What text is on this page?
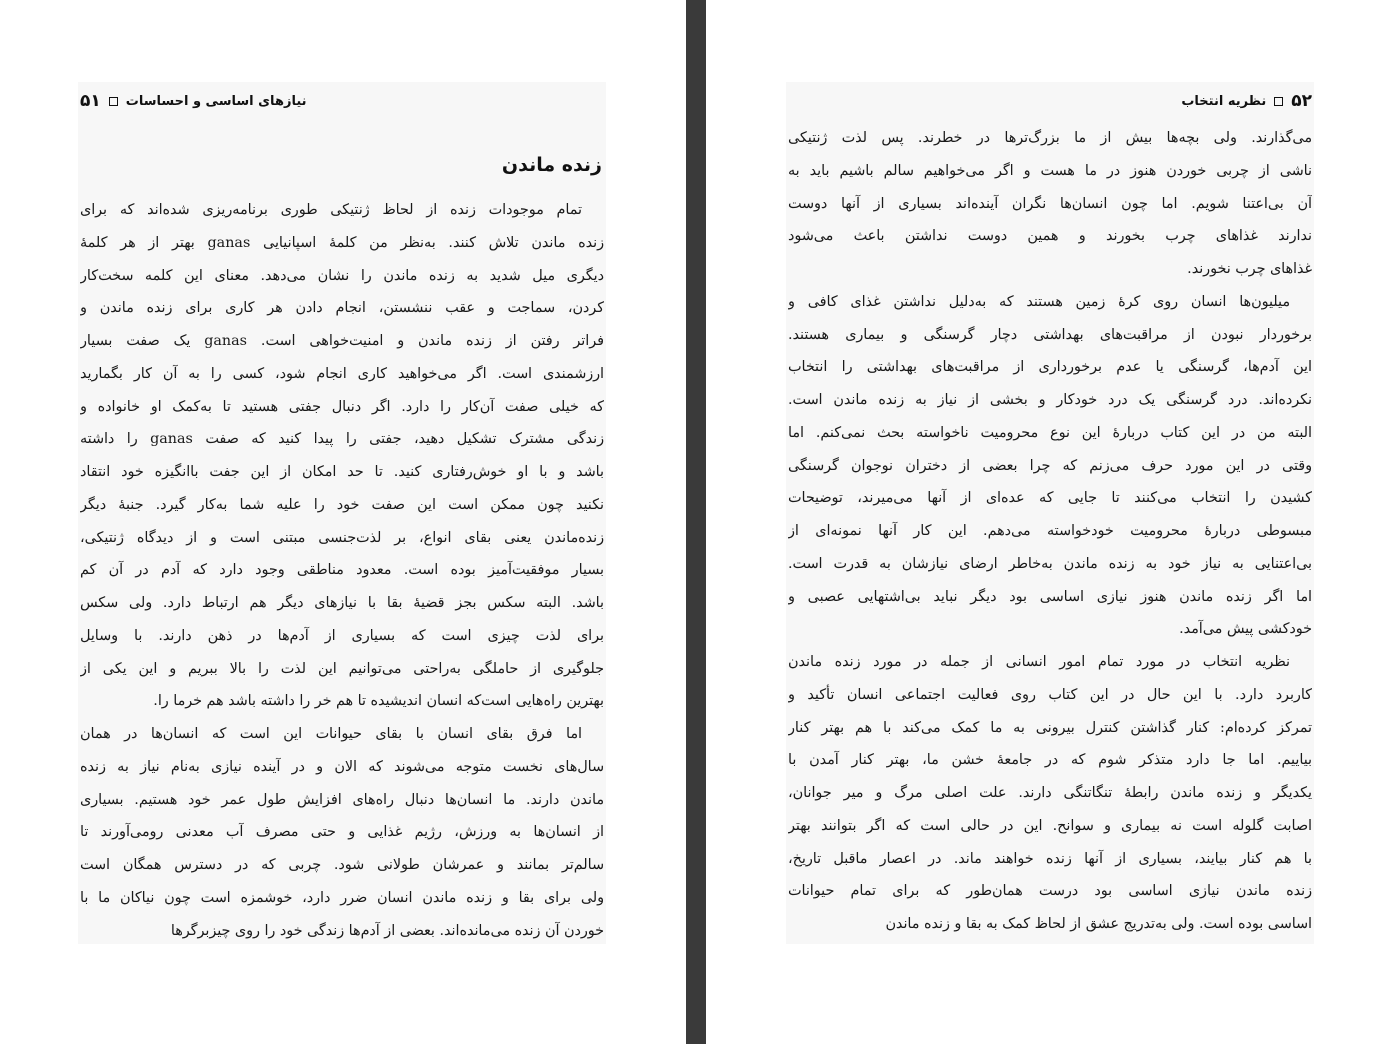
نیازهای اساسی و احساسات
۵۱
زنده ماندن
تمام موجودات زنده از لحاظ ژنتیکی طوری برنامه‌ریزی شده‌اند که برای
زنده ماندن تلاش کنند. به‌نظر من کلمهٔ اسپانیایی ganas بهتر از هر کلمهٔ
دیگری میل شدید به زنده ماندن را نشان می‌دهد. معنای این کلمه سخت‌کار
کردن، سماجت و عقب ننشستن، انجام دادن هر کاری برای زنده ماندن و
فراتر رفتن از زنده ماندن و امنیت‌خواهی است. ganas یک صفت بسیار
ارزشمندی است. اگر می‌خواهید کاری انجام شود، کسی را به آن کار بگمارید
که خیلی صفت آن‌کار را دارد. اگر دنبال جفتی هستید تا به‌کمک او خانواده و
زندگی مشترک تشکیل دهید، جفتی را پیدا کنید که صفت ganas را داشته
باشد و با او خوش‌رفتاری کنید. تا حد امکان از این جفت باانگیزه خود انتقاد
نکنید چون ممکن است این صفت خود را علیه شما به‌کار گیرد. جنبهٔ دیگر
زنده‌ماندن یعنی بقای انواع، بر لذت‌جنسی مبتنی است و از دیدگاه ژنتیکی،
بسیار موفقیت‌آمیز بوده است. معدود مناطقی وجود دارد که آدم در آن کم
باشد. البته سکس بجز قضیهٔ بقا با نیازهای دیگر هم ارتباط دارد. ولی سکس
برای لذت چیزی است که بسیاری از آدم‌ها در ذهن دارند. با وسایل
جلوگیری از حاملگی به‌راحتی می‌توانیم این لذت را بالا ببریم و این یکی از
بهترین راه‌هایی است‌که انسان اندیشیده تا هم خر را داشته باشد هم خرما را.
اما فرق بقای انسان با بقای حیوانات این است که انسان‌ها در همان
سال‌های نخست متوجه می‌شوند که الان و در آینده نیازی به‌نام نیاز به زنده
ماندن دارند. ما انسان‌ها دنبال راه‌های افزایش طول عمر خود هستیم. بسیاری
از انسان‌ها به ورزش، رژیم غذایی و حتی مصرف آب معدنی رومی‌آورند تا
سالم‌تر بمانند و عمرشان طولانی شود. چربی که در دسترس همگان است
ولی برای بقا و زنده ماندن انسان ضرر دارد، خوشمزه است چون نیاکان ما با
خوردن آن زنده می‌مانده‌اند. بعضی از آدم‌ها زندگی خود را روی چیزبرگرها
۵۲
نظریه انتخاب
می‌گذارند. ولی بچه‌ها بیش از ما بزرگ‌ترها در خطرند. پس لذت ژنتیکی
ناشی از چربی خوردن هنوز در ما هست و اگر می‌خواهیم سالم باشیم باید به
آن بی‌اعتنا شویم. اما چون انسان‌ها نگران آینده‌اند بسیاری از آنها دوست
ندارند غذاهای چرب بخورند و همین دوست نداشتن باعث می‌شود
غذاهای چرب نخورند.
میلیون‌ها انسان روی کرهٔ زمین هستند که به‌دلیل نداشتن غذای کافی و
برخوردار نبودن از مراقبت‌های بهداشتی دچار گرسنگی و بیماری هستند.
این آدم‌ها، گرسنگی یا عدم برخورداری از مراقبت‌های بهداشتی را انتخاب
نکرده‌اند. درد گرسنگی یک درد خودکار و بخشی از نیاز به زنده ماندن است.
البته من در این کتاب دربارهٔ این نوع محرومیت ناخواسته بحث نمی‌کنم. اما
وقتی در این مورد حرف می‌زنم که چرا بعضی از دختران نوجوان گرسنگی
کشیدن را انتخاب می‌کنند تا جایی که عده‌ای از آنها می‌میرند، توضیحات
مبسوطی دربارهٔ محرومیت خودخواسته می‌دهم. این کار آنها نمونه‌ای از
بی‌اعتنایی به نیاز خود به زنده ماندن به‌خاطر ارضای نیازشان به قدرت است.
اما اگر زنده ماندن هنوز نیازی اساسی بود دیگر نباید بی‌اشتهایی عصبی و
خودکشی پیش می‌آمد.
نظریه انتخاب در مورد تمام امور انسانی از جمله در مورد زنده ماندن
کاربرد دارد. با این حال در این کتاب روی فعالیت اجتماعی انسان تأکید و
تمرکز کرده‌ام: کنار گذاشتن کنترل بیرونی به ما کمک می‌کند با هم بهتر کنار
بیاییم. اما جا دارد متذکر شوم که در جامعهٔ خشن ما، بهتر کنار آمدن با
یکدیگر و زنده ماندن رابطهٔ تنگاتنگی دارند. علت اصلی مرگ و میر جوانان،
اصابت گلوله است نه بیماری و سوانح. این در حالی است که اگر بتوانند بهتر
با هم کنار بیایند، بسیاری از آنها زنده خواهند ماند. در اعصار ماقبل تاریخ،
زنده ماندن نیازی اساسی بود درست همان‌طور که برای تمام حیوانات
اساسی بوده است. ولی به‌تدریج عشق از لحاظ کمک به بقا و زنده ماندن
